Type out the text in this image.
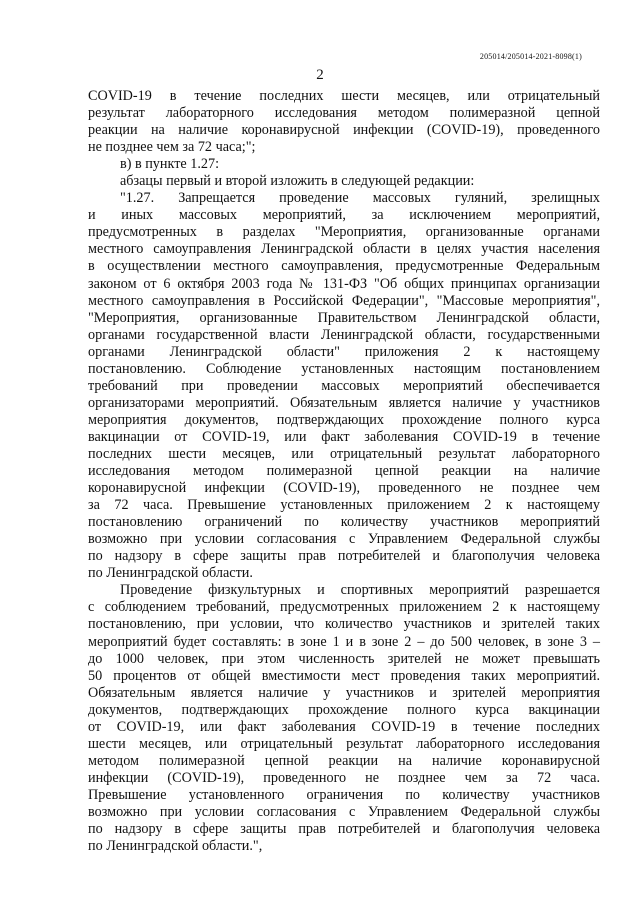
205014/205014-2021-8098(1)
2

COVID-19 в течение последних шести месяцев, или отрицательный
результат лабораторного исследования методом полимеразной цепной
реакции на наличие коронавирусной инфекции (COVID-19), проведенного
не позднее чем за 72 часа;";

в) в пункте 1.27:

абзацы первый и второй изложить в следующей редакции:

"1.27. Запрещается проведение массовых гуляний, зрелищных
и иных массовых мероприятий, за исключением мероприятий,
предусмотренных в разделах "Мероприятия, организованные органами
местного самоуправления Ленинградской области в целях участия населения
в осуществлении местного самоуправления, предусмотренные Федеральным
законом от 6 октября 2003 года № 131-ФЗ "Об общих принципах организации
местного самоуправления в Российской Федерации", "Массовые мероприятия",
"Мероприятия, организованные Правительством Ленинградской области,
органами государственной власти Ленинградской области, государственными
органами Ленинградской области" приложения 2 к настоящему
постановлению. Соблюдение установленных настоящим постановлением
требований при проведении массовых мероприятий обеспечивается
организаторами мероприятий. Обязательным является наличие у участников
мероприятия документов, подтверждающих прохождение полного курса
вакцинации от COVID-19, или факт заболевания COVID-19 в течение
последних шести месяцев, или отрицательный результат лабораторного
исследования методом полимеразной цепной реакции на наличие
коронавирусной инфекции (COVID-19), проведенного не позднее чем
за 72 часа. Превышение установленных приложением 2 к настоящему
постановлению ограничений по количеству участников мероприятий
возможно при условии согласования с Управлением Федеральной службы
по надзору в сфере защиты прав потребителей и благополучия человека
по Ленинградской области.

Проведение физкультурных и спортивных мероприятий разрешается
с соблюдением требований, предусмотренных приложением 2 к настоящему
постановлению, при условии, что количество участников и зрителей таких
мероприятий будет составлять: в зоне 1 и в зоне 2 – до 500 человек, в зоне 3 –
до 1000 человек, при этом численность зрителей не может превышать
50 процентов от общей вместимости мест проведения таких мероприятий.
Обязательным является наличие у участников и зрителей мероприятия
документов, подтверждающих прохождение полного курса вакцинации
от COVID-19, или факт заболевания COVID-19 в течение последних
шести месяцев, или отрицательный результат лабораторного исследования
методом полимеразной цепной реакции на наличие коронавирусной
инфекции (COVID-19), проведенного не позднее чем за 72 часа.
Превышение установленного ограничения по количеству участников
возможно при условии согласования с Управлением Федеральной службы
по надзору в сфере защиты прав потребителей и благополучия человека
по Ленинградской области.",
